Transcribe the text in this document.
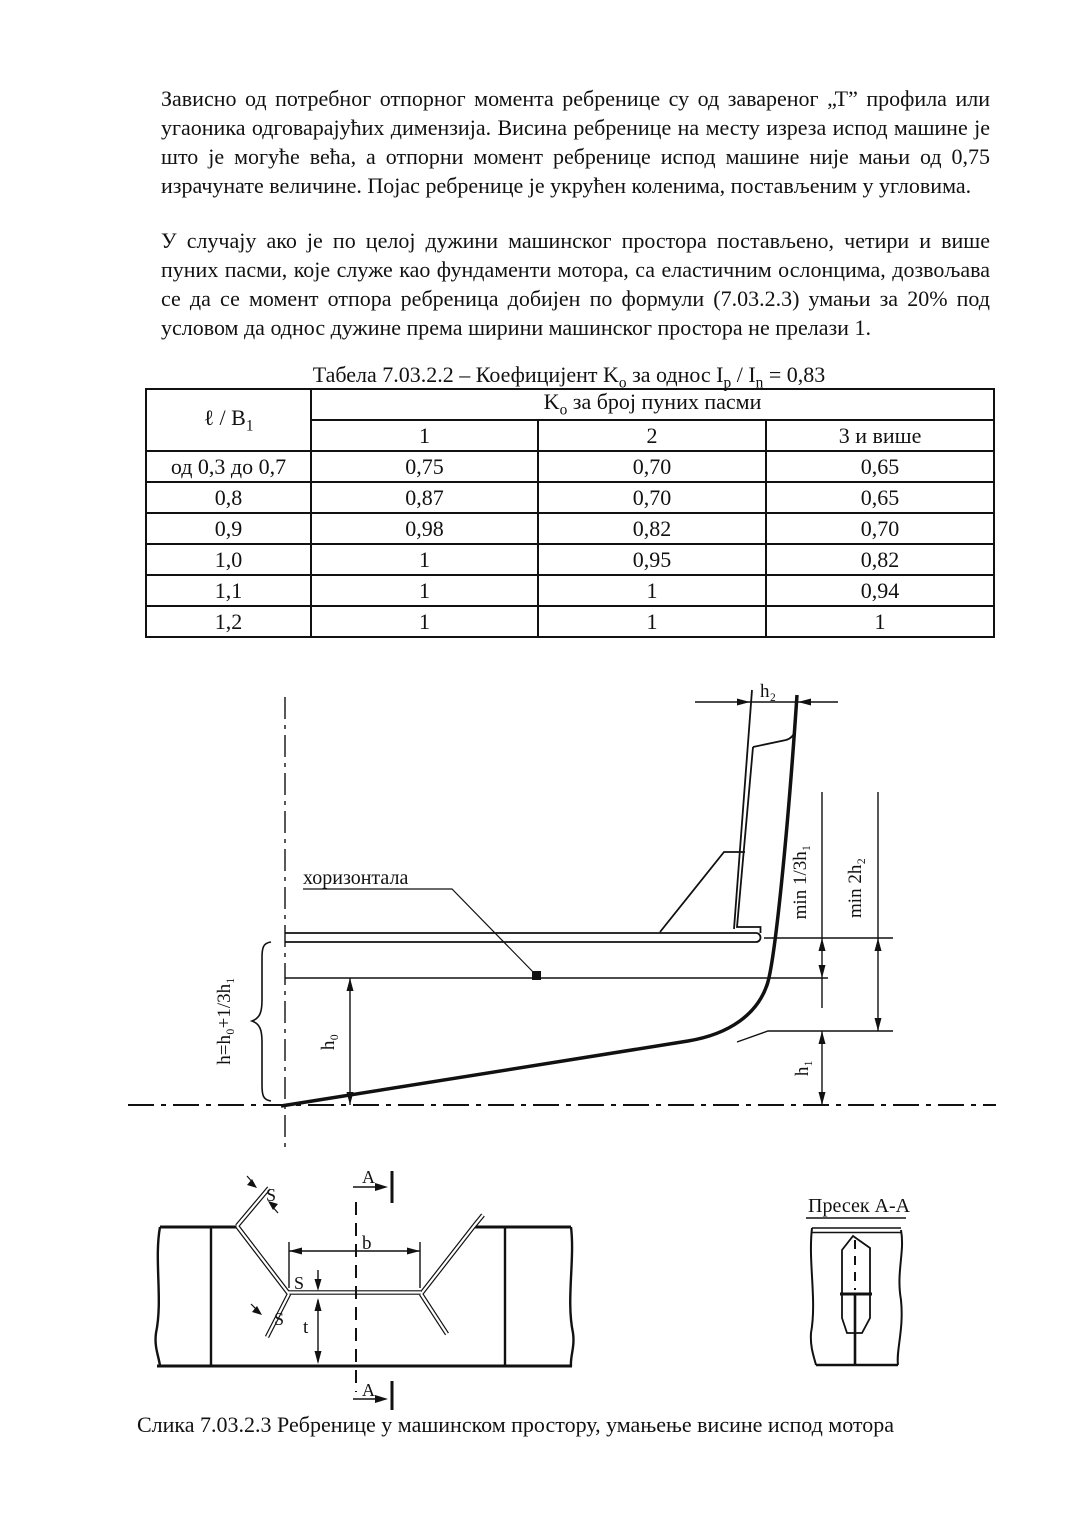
Зависно од потребног отпорног момента ребренице су од завареног „Т” профила или угаоника одговарајућих димензија. Висина ребренице на месту изреза испод машине је што је могуће већа, а отпорни момент ребренице испод машине није мањи од 0,75 израчунате величине. Појас ребренице је укрућен коленима, постављеним у угловима.
У случају ако је по целој дужини машинског простора постављено, четири и више пуних пасми, које служе као фундаменти мотора, са еластичним ослонцима, дозвољава се да се момент отпора ребреница добијен по формули (7.03.2.3) умањи за 20% под условом да однос дужине према ширини машинског простора не прелази 1.
Табела 7.03.2.2 – Коефицијент $K_о$ за однос $I_p / I_n = 0,83$
ℓ / $B_1$	$K_о$ за број пуних пасми		
	1	2	3 и више
од 0,3 до 0,7	0,75	0,70	0,65
0,8	0,87	0,70	0,65
0,9	0,98	0,82	0,70
1,0	1	0,95	0,82
1,1	1	1	0,94
1,2	1	1	1
h₂
min 1/3h₁ min 2h₂
h₁
h₀
h=h₀+1/3h₁
хоризонтала
b
S
t
S
S
А
А
Пресек А-А
Слика 7.03.2.3 Ребренице у машинском простору, умањење висине испод мотора
